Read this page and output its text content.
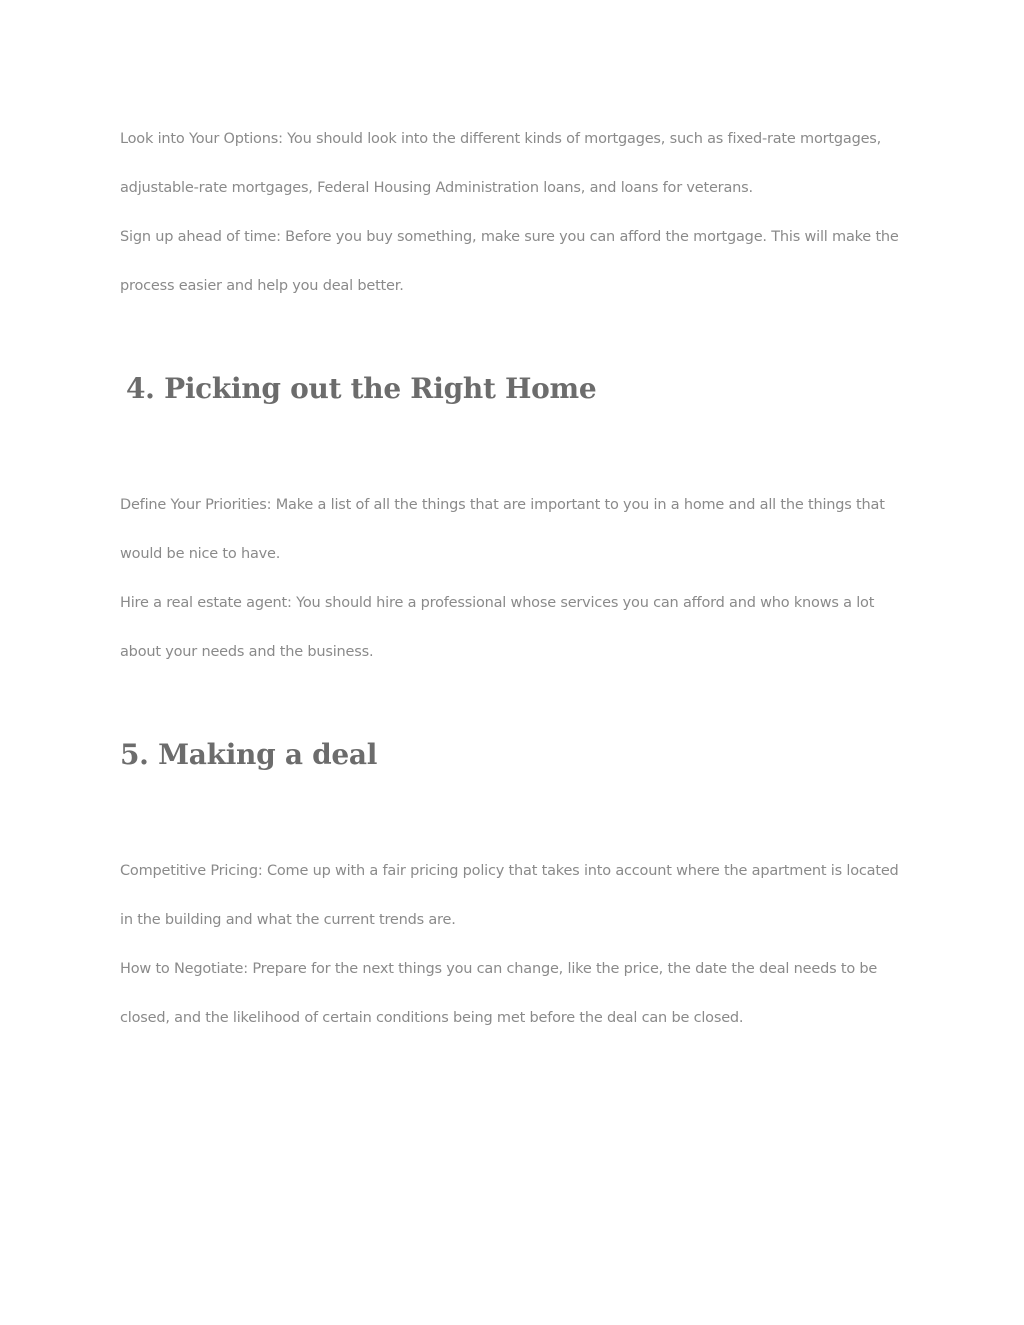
Look into Your Options: You should look into the different kinds of mortgages, such as fixed-rate mortgages, adjustable-rate mortgages, Federal Housing Administration loans, and loans for veterans.

Sign up ahead of time: Before you buy something, make sure you can afford the mortgage. This will make the process easier and help you deal better.

4. Picking out the Right Home

Define Your Priorities: Make a list of all the things that are important to you in a home and all the things that would be nice to have.

Hire a real estate agent: You should hire a professional whose services you can afford and who knows a lot about your needs and the business.

5. Making a deal

Competitive Pricing: Come up with a fair pricing policy that takes into account where the apartment is located in the building and what the current trends are.

How to Negotiate: Prepare for the next things you can change, like the price, the date the deal needs to be closed, and the likelihood of certain conditions being met before the deal can be closed.
